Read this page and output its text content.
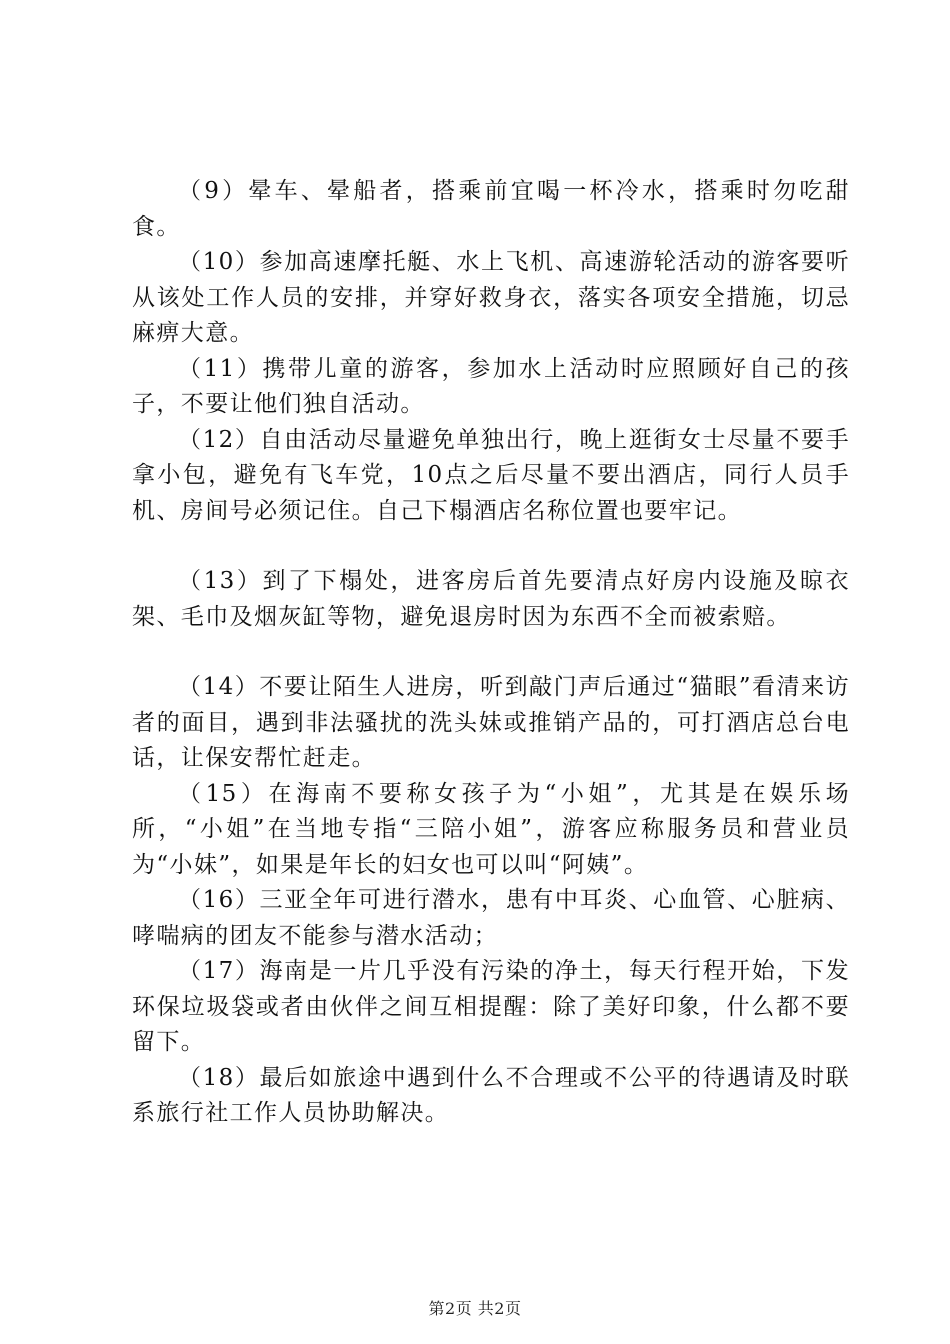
（9）晕车、晕船者，搭乘前宜喝一杯冷水，搭乘时勿吃甜食。

（10）参加高速摩托艇、水上飞机、高速游轮活动的游客要听从该处工作人员的安排，并穿好救身衣，落实各项安全措施，切忌麻痹大意。

（11）携带儿童的游客，参加水上活动时应照顾好自己的孩子，不要让他们独自活动。

（12）自由活动尽量避免单独出行，晚上逛街女士尽量不要手拿小包，避免有飞车党，10点之后尽量不要出酒店，同行人员手机、房间号必须记住。自己下榻酒店名称位置也要牢记。

（13）到了下榻处，进客房后首先要清点好房内设施及晾衣架、毛巾及烟灰缸等物，避免退房时因为东西不全而被索赔。

（14）不要让陌生人进房，听到敲门声后通过“猫眼”看清来访者的面目，遇到非法骚扰的洗头妹或推销产品的，可打酒店总台电话，让保安帮忙赶走。

（15）在海南不要称女孩子为“小姐”，尤其是在娱乐场所，“小姐”在当地专指“三陪小姐”，游客应称服务员和营业员为“小妹”，如果是年长的妇女也可以叫“阿姨”。

（16）三亚全年可进行潜水，患有中耳炎、心血管、心脏病、哮喘病的团友不能参与潜水活动；

（17）海南是一片几乎没有污染的净土，每天行程开始，下发环保垃圾袋或者由伙伴之间互相提醒：除了美好印象，什么都不要留下。

（18）最后如旅途中遇到什么不合理或不公平的待遇请及时联系旅行社工作人员协助解决。

第2页 共2页
